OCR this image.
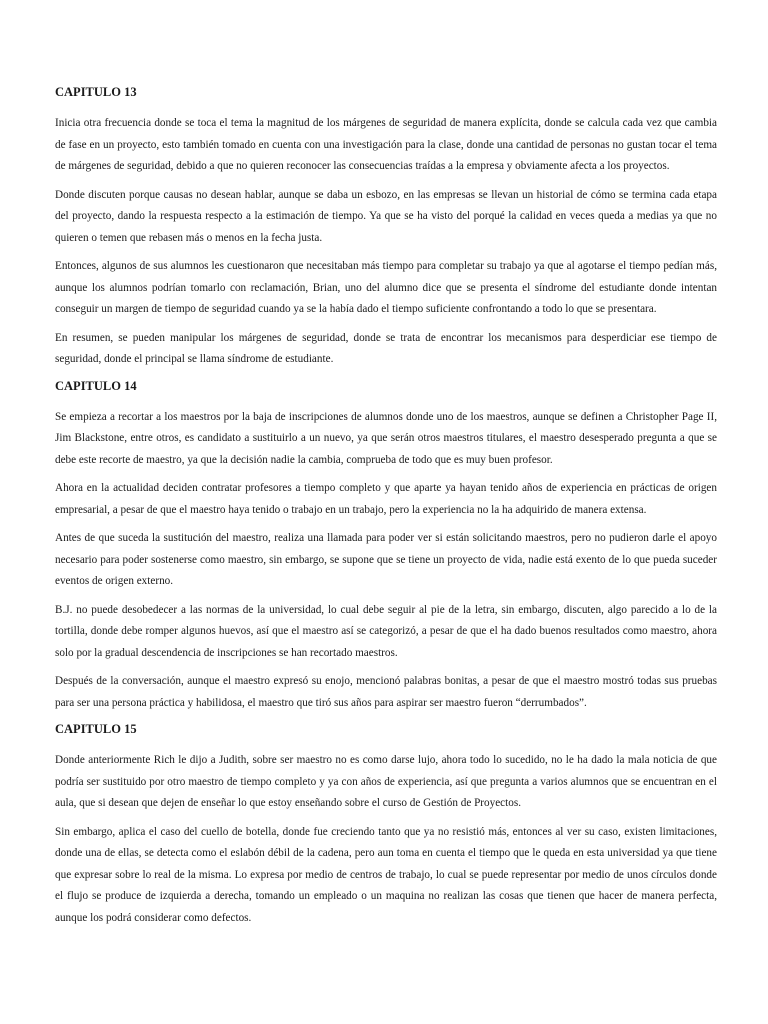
CAPITULO 13

Inicia otra frecuencia donde se toca el tema la magnitud de los márgenes de seguridad de manera explícita, donde se calcula cada vez que cambia de fase en un proyecto, esto también tomado en cuenta con una investigación para la clase, donde una cantidad de personas no gustan tocar el tema de márgenes de seguridad, debido a que no quieren reconocer las consecuencias traídas a la empresa y obviamente afecta a los proyectos.

Donde discuten porque causas no desean hablar, aunque se daba un esbozo, en las empresas se llevan un historial de cómo se termina cada etapa del proyecto, dando la respuesta respecto a la estimación de tiempo. Ya que se ha visto del porqué la calidad en veces queda a medias ya que no quieren o temen que rebasen más o menos en la fecha justa.

Entonces, algunos de sus alumnos les cuestionaron que necesitaban más tiempo para completar su trabajo ya que al agotarse el tiempo pedían más, aunque los alumnos podrían tomarlo con reclamación, Brian, uno del alumno dice que se presenta el síndrome del estudiante donde intentan conseguir un margen de tiempo de seguridad cuando ya se la había dado el tiempo suficiente confrontando a todo lo que se presentara.

En resumen, se pueden manipular los márgenes de seguridad, donde se trata de encontrar los mecanismos para desperdiciar ese tiempo de seguridad, donde el principal se llama síndrome de estudiante.

CAPITULO 14

Se empieza a recortar a los maestros por la baja de inscripciones de alumnos donde uno de los maestros, aunque se definen a Christopher Page II, Jim Blackstone, entre otros, es candidato a sustituirlo a un nuevo, ya que serán otros maestros titulares, el maestro desesperado pregunta a que se debe este recorte de maestro, ya que la decisión nadie la cambia, comprueba de todo que es muy buen profesor.

Ahora en la actualidad deciden contratar profesores a tiempo completo y que aparte ya hayan tenido años de experiencia en prácticas de origen empresarial, a pesar de que el maestro haya tenido o trabajo en un trabajo, pero la experiencia no la ha adquirido de manera extensa.

Antes de que suceda la sustitución del maestro, realiza una llamada para poder ver si están solicitando maestros, pero no pudieron darle el apoyo necesario para poder sostenerse como maestro, sin embargo, se supone que se tiene un proyecto de vida, nadie está exento de lo que pueda suceder eventos de origen externo.

B.J. no puede desobedecer a las normas de la universidad, lo cual debe seguir al pie de la letra, sin embargo, discuten, algo parecido a lo de la tortilla, donde debe romper algunos huevos, así que el maestro así se categorizó, a pesar de que el ha dado buenos resultados como maestro, ahora solo por la gradual descendencia de inscripciones se han recortado maestros.

Después de la conversación, aunque el maestro expresó su enojo, mencionó palabras bonitas, a pesar de que el maestro mostró todas sus pruebas para ser una persona práctica y habilidosa, el maestro que tiró sus años para aspirar ser maestro fueron “derrumbados”.

CAPITULO 15

Donde anteriormente Rich le dijo a Judith, sobre ser maestro no es como darse lujo, ahora todo lo sucedido, no le ha dado la mala noticia de que podría ser sustituido por otro maestro de tiempo completo y ya con años de experiencia, así que pregunta a varios alumnos que se encuentran en el aula, que si desean que dejen de enseñar lo que estoy enseñando sobre el curso de Gestión de Proyectos.

Sin embargo, aplica el caso del cuello de botella, donde fue creciendo tanto que ya no resistió más, entonces al ver su caso, existen limitaciones, donde una de ellas, se detecta como el eslabón débil de la cadena, pero aun toma en cuenta el tiempo que le queda en esta universidad ya que tiene que expresar sobre lo real de la misma. Lo expresa por medio de centros de trabajo, lo cual se puede representar por medio de unos círculos donde el flujo se produce de izquierda a derecha, tomando un empleado o un maquina no realizan las cosas que tienen que hacer de manera perfecta, aunque los podrá considerar como defectos.
